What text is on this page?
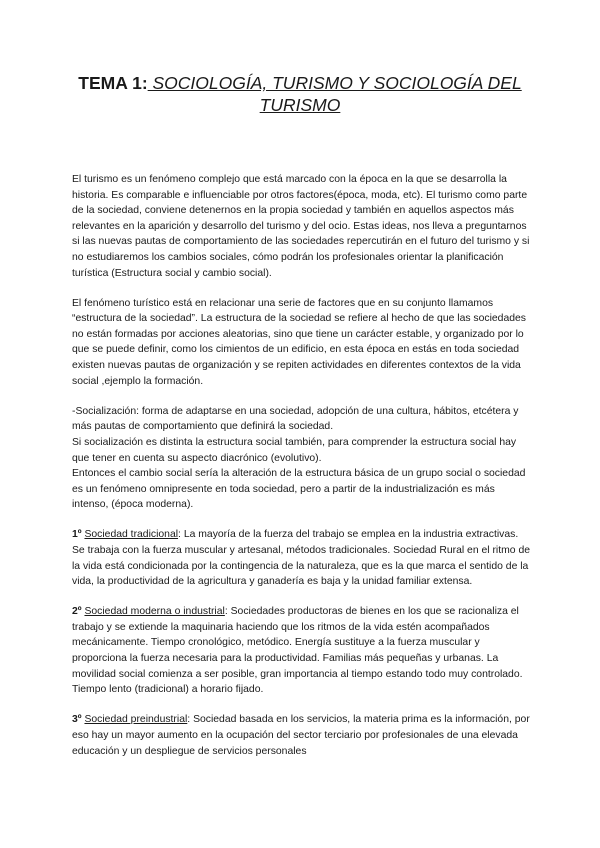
TEMA 1: SOCIOLOGÍA, TURISMO Y SOCIOLOGÍA DEL TURISMO

El turismo es un fenómeno complejo que está marcado con la época en la que se desarrolla la historia. Es comparable e influenciable por otros factores(época, moda, etc). El turismo como parte de la sociedad, conviene detenernos en la propia sociedad y también en aquellos aspectos más relevantes en la aparición y desarrollo del turismo y del ocio. Estas ideas, nos lleva a preguntarnos si las nuevas pautas de comportamiento de las sociedades repercutirán en el futuro del turismo y si no estudiaremos los cambios sociales, cómo podrán los profesionales orientar la planificación turística (Estructura social y cambio social).

El fenómeno turístico está en relacionar una serie de factores que en su conjunto llamamos “estructura de la sociedad”. La estructura de la sociedad se refiere al hecho de que las sociedades no están formadas por acciones aleatorias, sino que tiene un carácter estable, y organizado por lo que se puede definir, como los cimientos de un edificio, en esta época en estás en toda sociedad existen nuevas pautas de organización y se repiten actividades en diferentes contextos de la vida social ,ejemplo la formación.

-Socialización: forma de adaptarse en una sociedad, adopción de una cultura, hábitos, etcétera y más pautas de comportamiento que definirá la sociedad.

Si socialización es distinta la estructura social también, para comprender la estructura social hay que tener en cuenta su aspecto diacrónico (evolutivo).

Entonces el cambio social sería la alteración de la estructura básica de un grupo social o sociedad es un fenómeno omnipresente en toda sociedad, pero a partir de la industrialización es más intenso, (época moderna).

1º Sociedad tradicional: La mayoría de la fuerza del trabajo se emplea en la industria extractivas. Se trabaja con la fuerza muscular y artesanal, métodos tradicionales. Sociedad Rural en el ritmo de la vida está condicionada por la contingencia de la naturaleza, que es la que marca el sentido de la vida, la productividad de la agricultura y ganadería es baja y la unidad familiar extensa.

2º Sociedad moderna o industrial: Sociedades productoras de bienes en los que se racionaliza el trabajo y se extiende la maquinaria haciendo que los ritmos de la vida estén acompañados mecánicamente. Tiempo cronológico, metódico. Energía sustituye a la fuerza muscular y proporciona la fuerza necesaria para la productividad. Familias más pequeñas y urbanas. La movilidad social comienza a ser posible, gran importancia al tiempo estando todo muy controlado. Tiempo lento (tradicional) a horario fijado.

3º Sociedad preindustrial: Sociedad basada en los servicios, la materia prima es la información, por eso hay un mayor aumento en la ocupación del sector terciario por profesionales de una elevada educación y un despliegue de servicios personales
